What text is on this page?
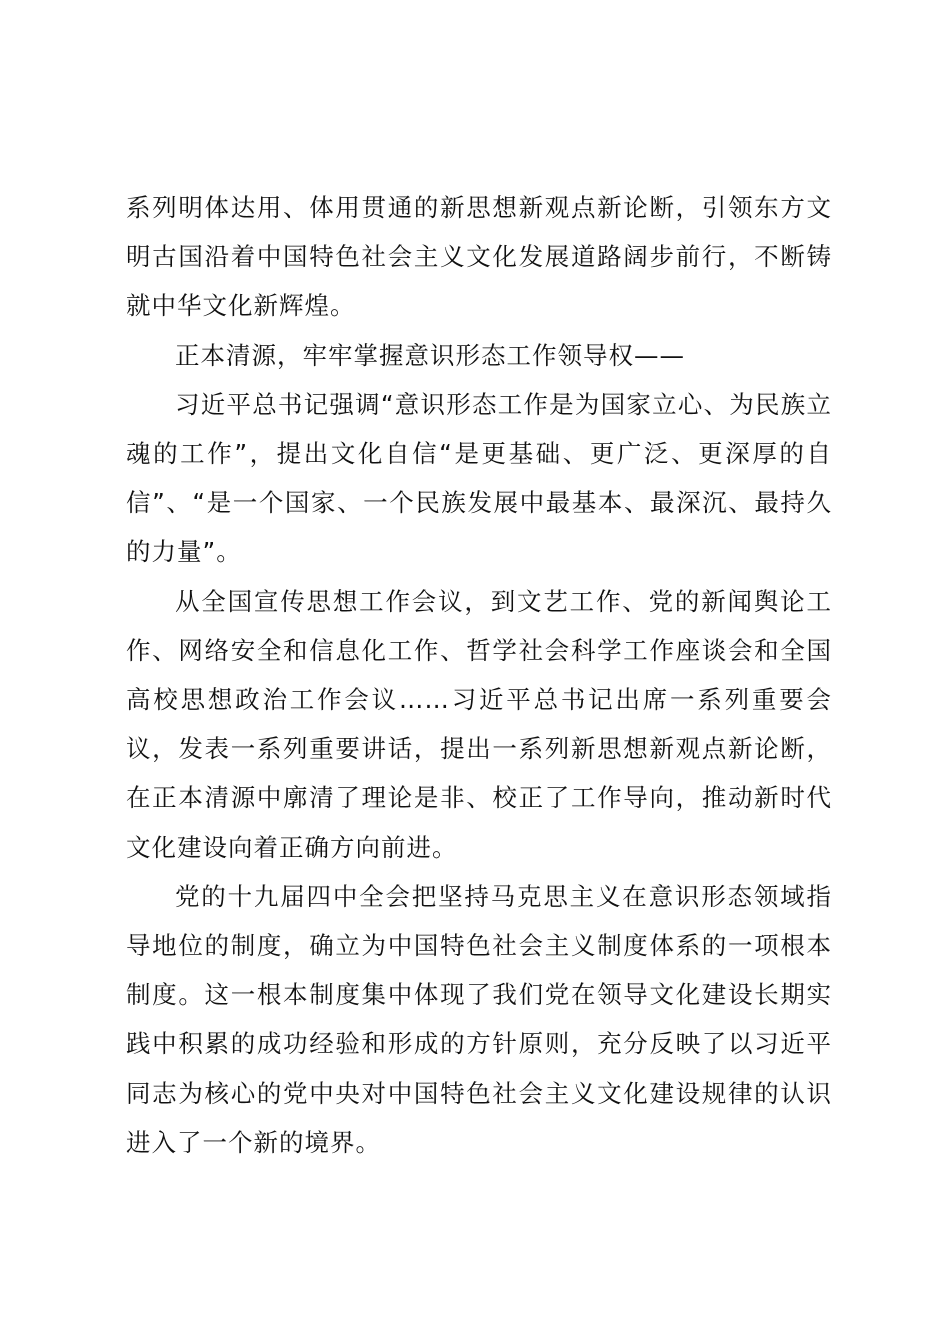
系列明体达用、体用贯通的新思想新观点新论断，引领东方文明古国沿着中国特色社会主义文化发展道路阔步前行，不断铸就中华文化新辉煌。

正本清源，牢牢掌握意识形态工作领导权——

习近平总书记强调“意识形态工作是为国家立心、为民族立魂的工作”，提出文化自信“是更基础、更广泛、更深厚的自信”、“是一个国家、一个民族发展中最基本、最深沉、最持久的力量”。

从全国宣传思想工作会议，到文艺工作、党的新闻舆论工作、网络安全和信息化工作、哲学社会科学工作座谈会和全国高校思想政治工作会议……习近平总书记出席一系列重要会议，发表一系列重要讲话，提出一系列新思想新观点新论断，在正本清源中廓清了理论是非、校正了工作导向，推动新时代文化建设向着正确方向前进。

党的十九届四中全会把坚持马克思主义在意识形态领域指导地位的制度，确立为中国特色社会主义制度体系的一项根本制度。这一根本制度集中体现了我们党在领导文化建设长期实践中积累的成功经验和形成的方针原则，充分反映了以习近平同志为核心的党中央对中国特色社会主义文化建设规律的认识进入了一个新的境界。
